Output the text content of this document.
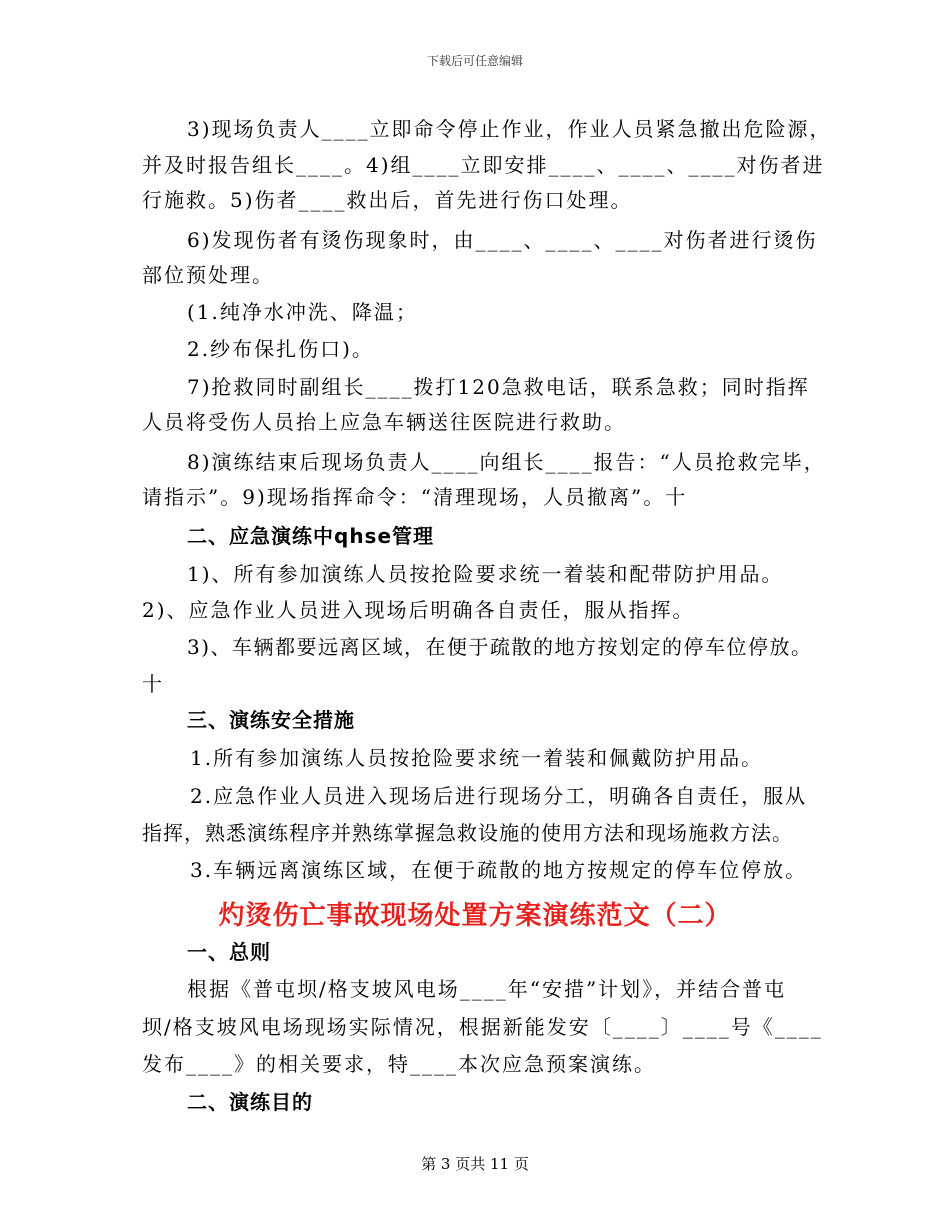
下载后可任意编辑
3)现场负责人____立即命令停止作业，作业人员紧急撤出危险源，
并及时报告组长____。4)组____立即安排____、____、____对伤者进
行施救。5)伤者____救出后，首先进行伤口处理。
6)发现伤者有烫伤现象时，由____、____、____对伤者进行烫伤
部位预处理。
(1.纯净水冲洗、降温；
2.纱布保扎伤口)。
7)抢救同时副组长____拨打120急救电话，联系急救；同时指挥
人员将受伤人员抬上应急车辆送往医院进行救助。
8)演练结束后现场负责人____向组长____报告：“人员抢救完毕，
请指示”。9)现场指挥命令：“清理现场，人员撤离”。十
二、应急演练中qhse管理
1)、所有参加演练人员按抢险要求统一着装和配带防护用品。
2)、应急作业人员进入现场后明确各自责任，服从指挥。
3)、车辆都要远离区域，在便于疏散的地方按划定的停车位停放。
十
三、演练安全措施
1.所有参加演练人员按抢险要求统一着装和佩戴防护用品。
2.应急作业人员进入现场后进行现场分工，明确各自责任，服从
指挥，熟悉演练程序并熟练掌握急救设施的使用方法和现场施救方法。
3.车辆远离演练区域，在便于疏散的地方按规定的停车位停放。
灼烫伤亡事故现场处置方案演练范文（二）
一、总则
根据《普屯坝/格支坡风电场____年“安措”计划》，并结合普屯
坝/格支坡风电场现场实际情况，根据新能发安〔____〕____号《____
发布____》的相关要求，特____本次应急预案演练。
二、演练目的
第 3 页共 11 页
